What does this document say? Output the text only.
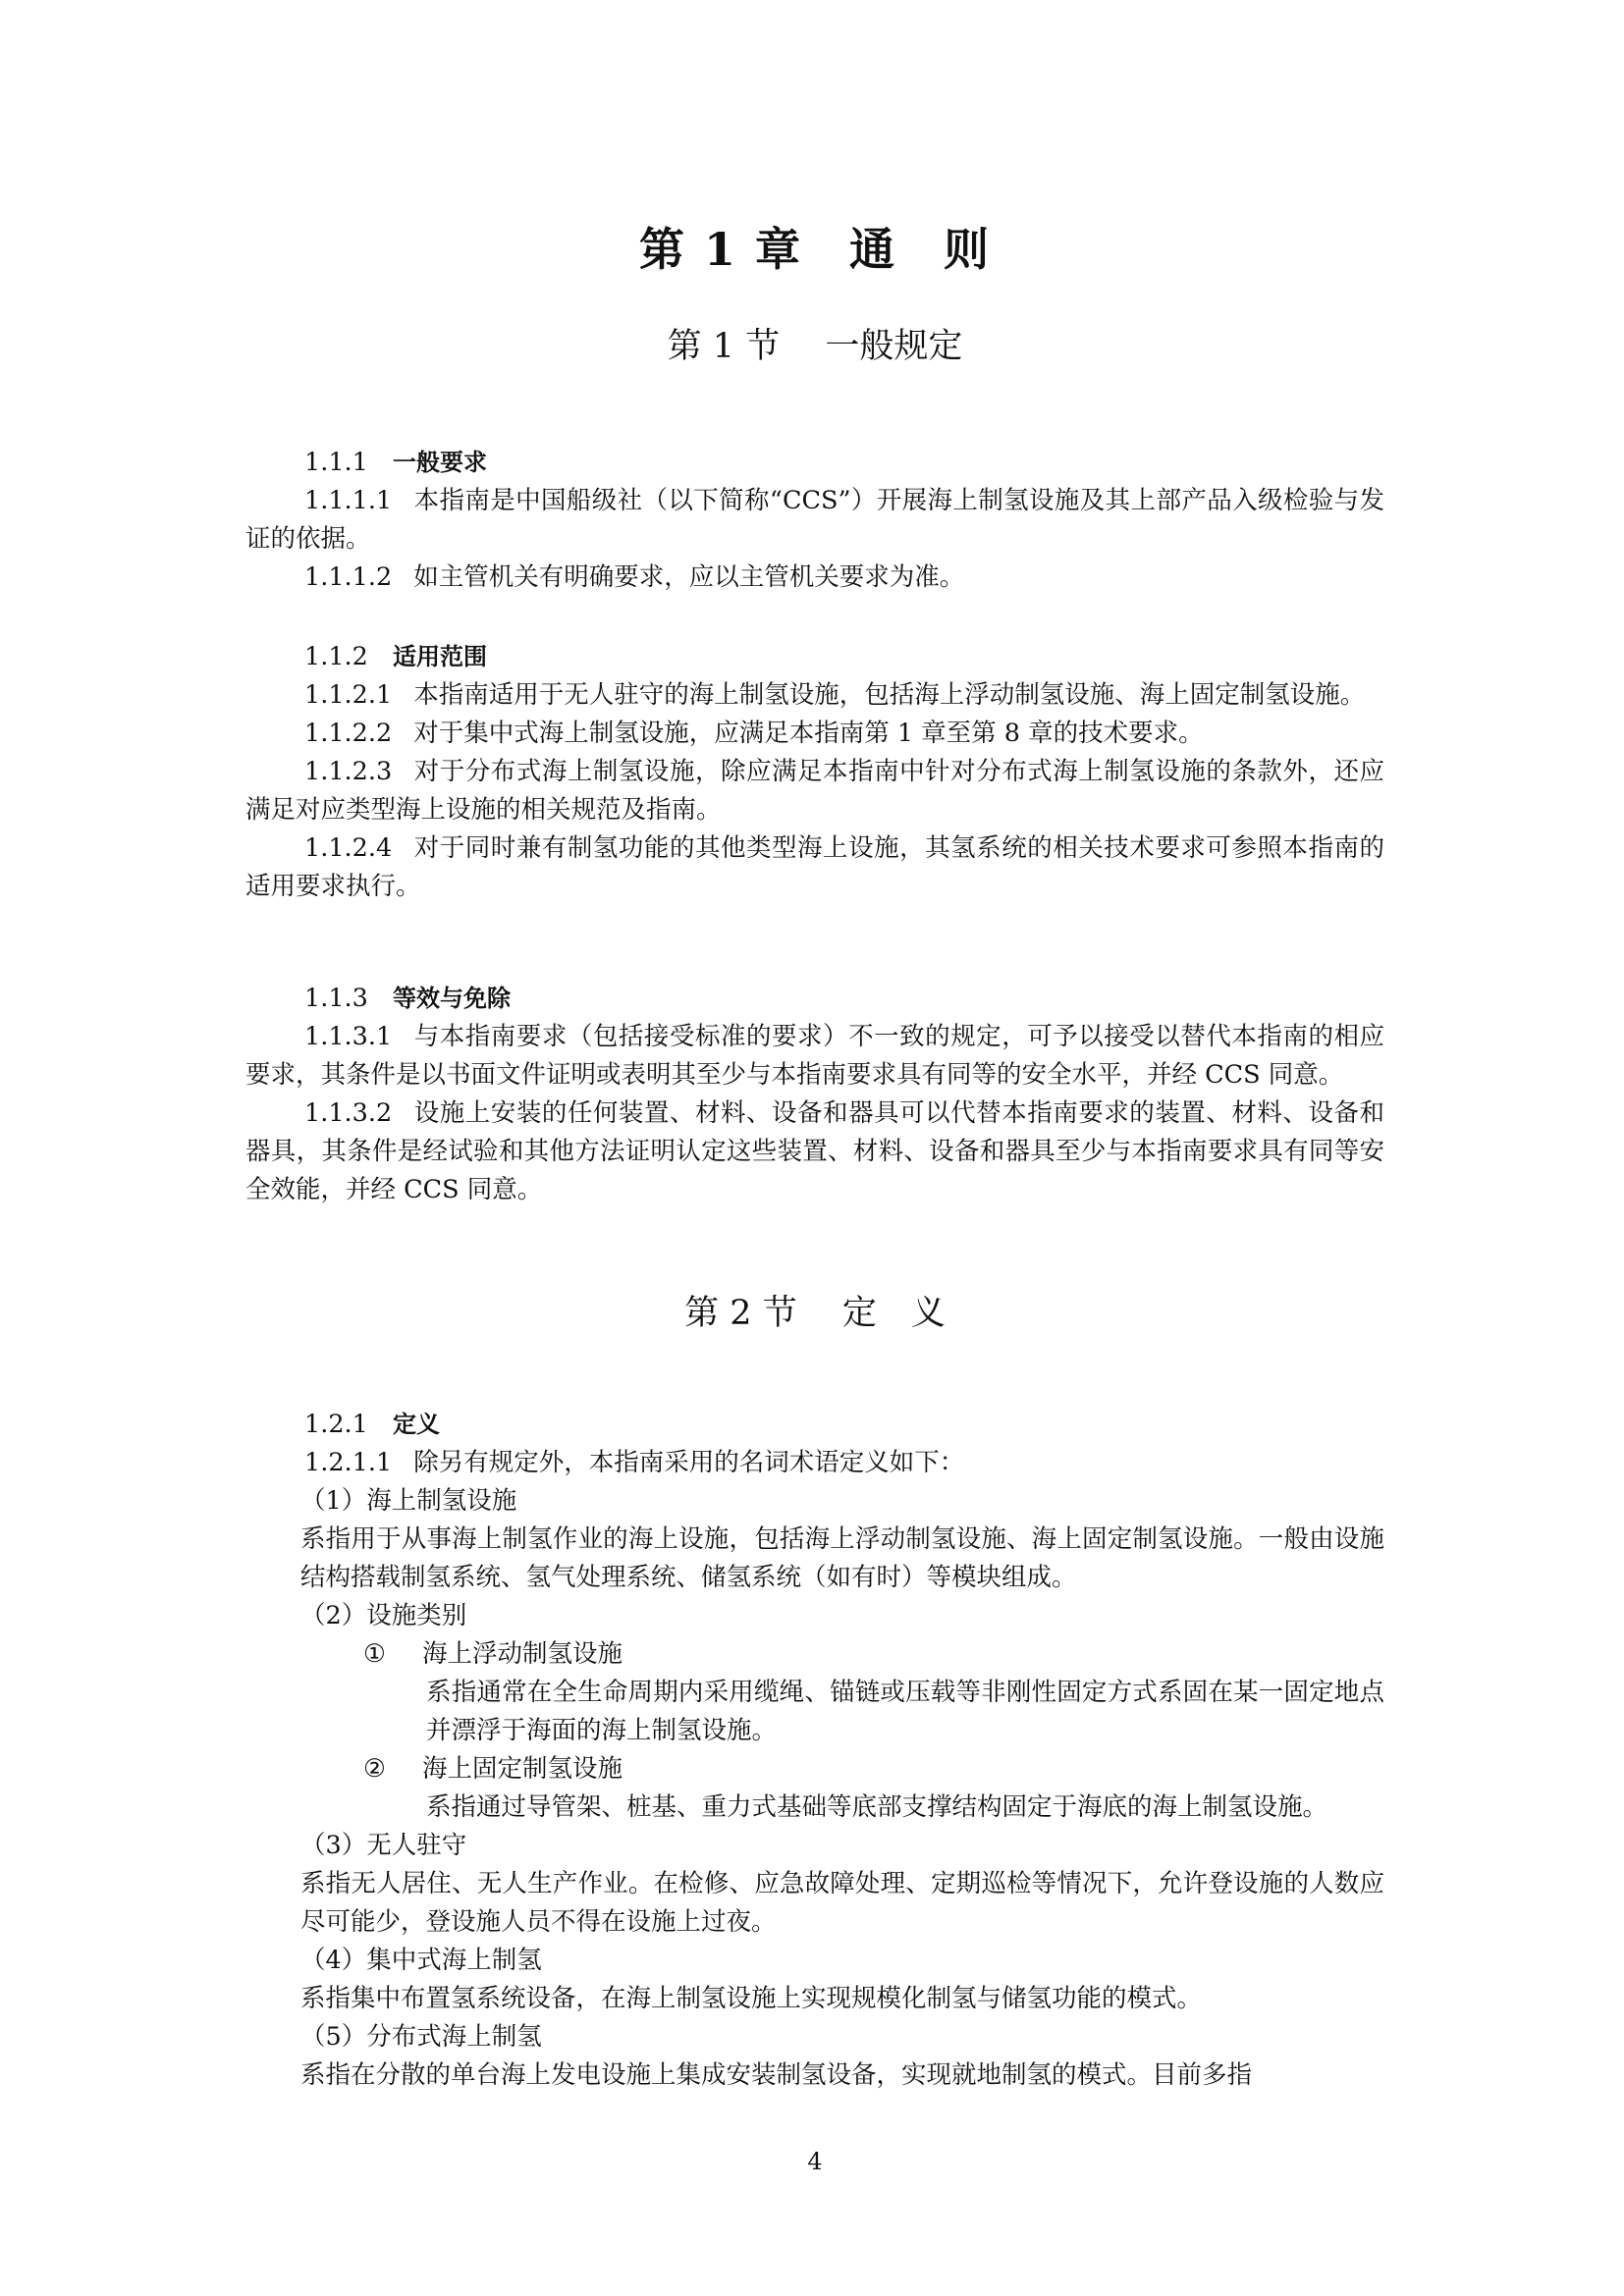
第 1 章　通　则
第 1 节　 一般规定

1.1.1 一般要求

1.1.1.1 本指南是中国船级社（以下简称“CCS”）开展海上制氢设施及其上部产品入级检验与发证的依据。

1.1.1.2 如主管机关有明确要求，应以主管机关要求为准。

1.1.2 适用范围

1.1.2.1 本指南适用于无人驻守的海上制氢设施，包括海上浮动制氢设施、海上固定制氢设施。

1.1.2.2 对于集中式海上制氢设施，应满足本指南第 1 章至第 8 章的技术要求。

1.1.2.3 对于分布式海上制氢设施，除应满足本指南中针对分布式海上制氢设施的条款外，还应满足对应类型海上设施的相关规范及指南。

1.1.2.4 对于同时兼有制氢功能的其他类型海上设施，其氢系统的相关技术要求可参照本指南的适用要求执行。

1.1.3 等效与免除

1.1.3.1 与本指南要求（包括接受标准的要求）不一致的规定，可予以接受以替代本指南的相应要求，其条件是以书面文件证明或表明其至少与本指南要求具有同等的安全水平，并经 CCS 同意。

1.1.3.2 设施上安装的任何装置、材料、设备和器具可以代替本指南要求的装置、材料、设备和器具，其条件是经试验和其他方法证明认定这些装置、材料、设备和器具至少与本指南要求具有同等安全效能，并经 CCS 同意。

第 2 节　 定　义

1.2.1 定义

1.2.1.1 除另有规定外，本指南采用的名词术语定义如下：

（1）海上制氢设施

系指用于从事海上制氢作业的海上设施，包括海上浮动制氢设施、海上固定制氢设施。一般由设施结构搭载制氢系统、氢气处理系统、储氢系统（如有时）等模块组成。

（2）设施类别

① 海上浮动制氢设施

系指通常在全生命周期内采用缆绳、锚链或压载等非刚性固定方式系固在某一固定地点并漂浮于海面的海上制氢设施。

② 海上固定制氢设施

系指通过导管架、桩基、重力式基础等底部支撑结构固定于海底的海上制氢设施。

（3）无人驻守

系指无人居住、无人生产作业。在检修、应急故障处理、定期巡检等情况下，允许登设施的人数应尽可能少，登设施人员不得在设施上过夜。

（4）集中式海上制氢

系指集中布置氢系统设备，在海上制氢设施上实现规模化制氢与储氢功能的模式。

（5）分布式海上制氢

系指在分散的单台海上发电设施上集成安装制氢设备，实现就地制氢的模式。目前多指

4
